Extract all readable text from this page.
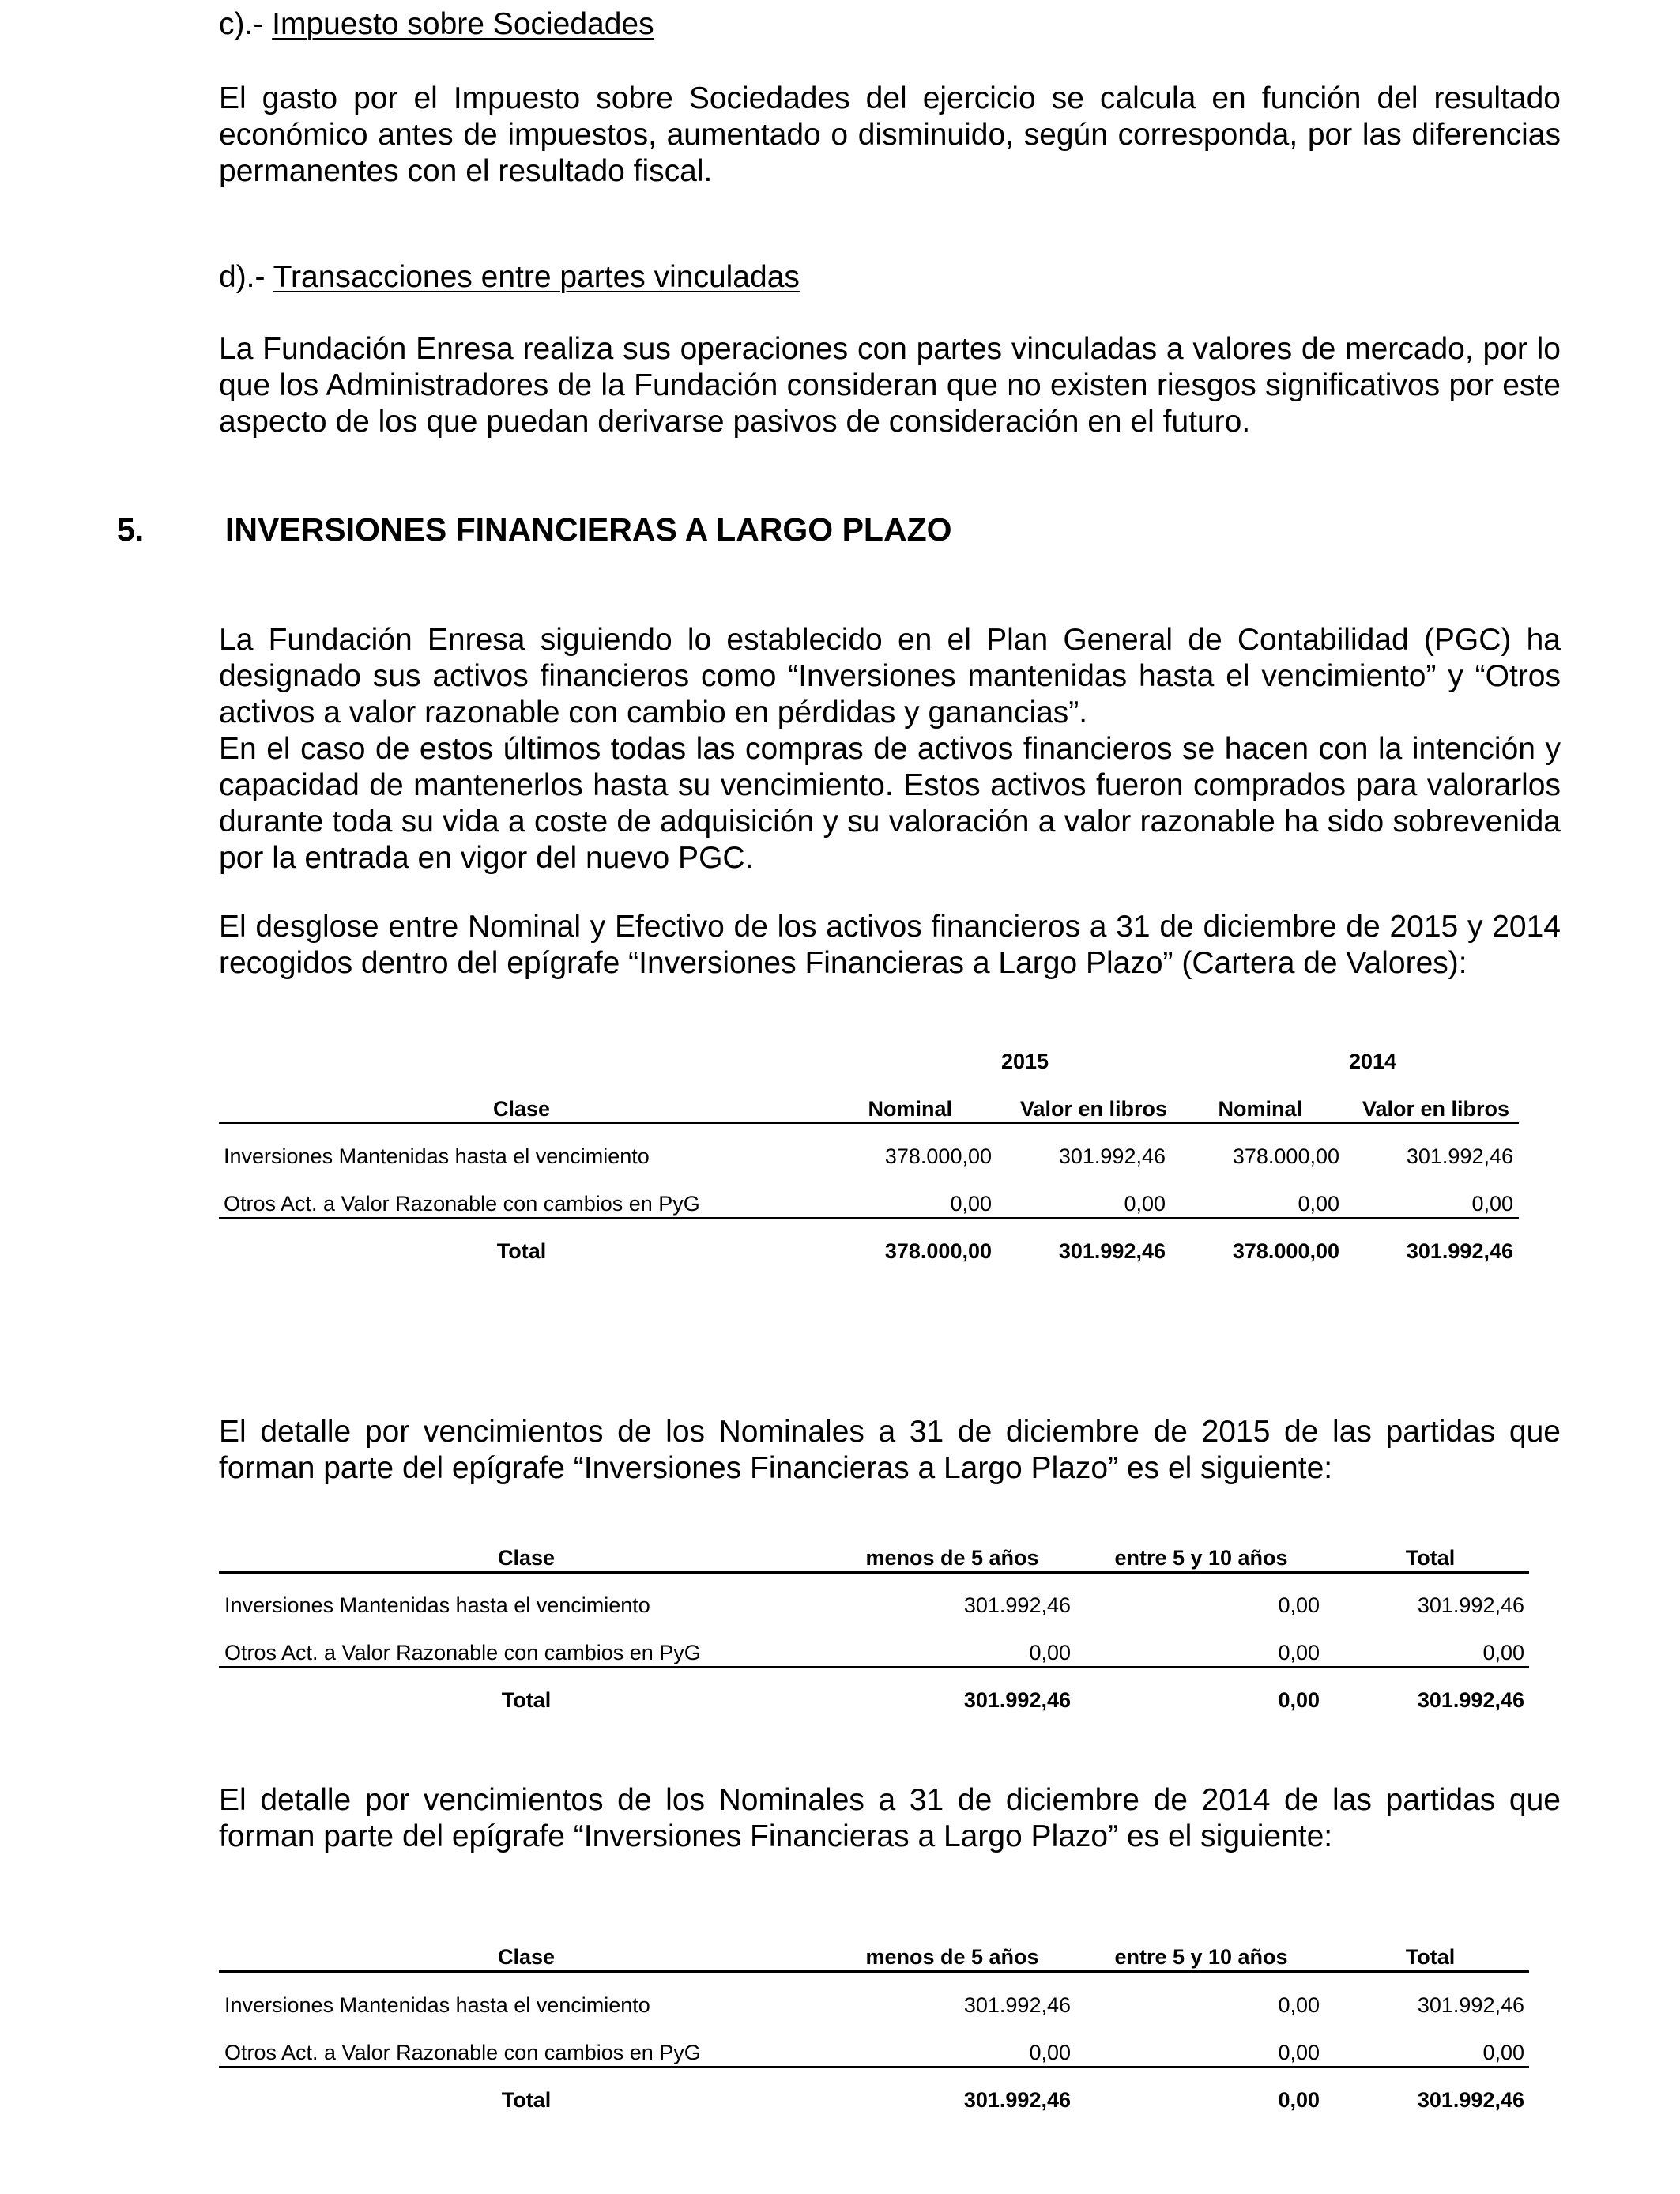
c).- Impuesto sobre Sociedades

El gasto por el Impuesto sobre Sociedades del ejercicio se calcula en función del resultado económico antes de impuestos, aumentado o disminuido, según corresponda, por las diferencias permanentes con el resultado fiscal.

d).- Transacciones entre partes vinculadas

La Fundación Enresa realiza sus operaciones con partes vinculadas a valores de mercado, por lo que los Administradores de la Fundación consideran que no existen riesgos significativos por este aspecto de los que puedan derivarse pasivos de consideración en el futuro.

5.	INVERSIONES FINANCIERAS A LARGO PLAZO

La Fundación Enresa siguiendo lo establecido en el Plan General de Contabilidad (PGC) ha designado sus activos financieros como “Inversiones mantenidas hasta el vencimiento” y “Otros activos a valor razonable con cambio en pérdidas y ganancias”.

En el caso de estos últimos todas las compras de activos financieros se hacen con la intención y capacidad de mantenerlos hasta su vencimiento. Estos activos fueron comprados para valorarlos durante toda su vida a coste de adquisición y su valoración a valor razonable ha sido sobrevenida por la entrada en vigor del nuevo PGC.

El desglose entre Nominal y Efectivo de los activos financieros a 31 de diciembre de 2015 y 2014 recogidos dentro del epígrafe “Inversiones Financieras a Largo Plazo” (Cartera de Valores):

2015	2014
Clase	Nominal	Valor en libros	Nominal	Valor en libros
Inversiones Mantenidas hasta el vencimiento	378.000,00	301.992,46	378.000,00	301.992,46
Otros Act. a Valor Razonable con cambios en PyG	0,00	0,00	0,00	0,00
Total	378.000,00	301.992,46	378.000,00	301.992,46

El detalle por vencimientos de los Nominales a 31 de diciembre de 2015 de las partidas que forman parte del epígrafe “Inversiones Financieras a Largo Plazo” es el siguiente:

Clase	menos de 5 años	entre 5 y 10 años	Total
Inversiones Mantenidas hasta el vencimiento	301.992,46	0,00	301.992,46
Otros Act. a Valor Razonable con cambios en PyG	0,00	0,00	0,00
Total	301.992,46	0,00	301.992,46

El detalle por vencimientos de los Nominales a 31 de diciembre de 2014 de las partidas que forman parte del epígrafe “Inversiones Financieras a Largo Plazo” es el siguiente:

Clase	menos de 5 años	entre 5 y 10 años	Total
Inversiones Mantenidas hasta el vencimiento	301.992,46	0,00	301.992,46
Otros Act. a Valor Razonable con cambios en PyG	0,00	0,00	0,00
Total	301.992,46	0,00	301.992,46
